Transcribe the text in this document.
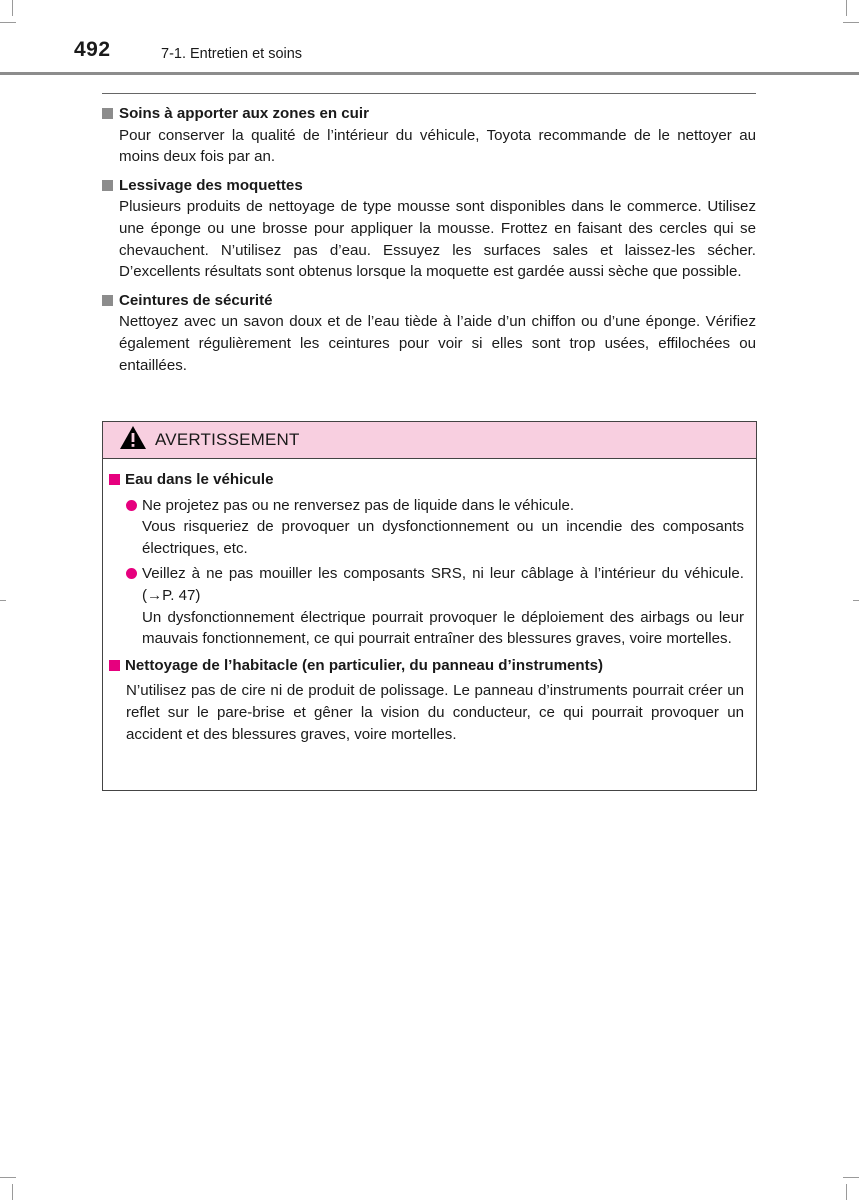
492	7-1. Entretien et soins
Soins à apporter aux zones en cuir
Pour conserver la qualité de l’intérieur du véhicule, Toyota recommande de le nettoyer au moins deux fois par an.
Lessivage des moquettes
Plusieurs produits de nettoyage de type mousse sont disponibles dans le commerce. Utilisez une éponge ou une brosse pour appliquer la mousse. Frottez en faisant des cercles qui se chevauchent. N’utilisez pas d’eau. Essuyez les surfaces sales et laissez-les sécher. D’excellents résultats sont obtenus lorsque la moquette est gardée aussi sèche que possible.
Ceintures de sécurité
Nettoyez avec un savon doux et de l’eau tiède à l’aide d’un chiffon ou d’une éponge. Vérifiez également régulièrement les ceintures pour voir si elles sont trop usées, effilochées ou entaillées.
AVERTISSEMENT
Eau dans le véhicule
Ne projetez pas ou ne renversez pas de liquide dans le véhicule.
Vous risqueriez de provoquer un dysfonctionnement ou un incendie des composants électriques, etc.
Veillez à ne pas mouiller les composants SRS, ni leur câblage à l’intérieur du véhicule. (→P. 47)
Un dysfonctionnement électrique pourrait provoquer le déploiement des airbags ou leur mauvais fonctionnement, ce qui pourrait entraîner des blessures graves, voire mortelles.
Nettoyage de l’habitacle (en particulier, du panneau d’instruments)
N’utilisez pas de cire ni de produit de polissage. Le panneau d’instruments pourrait créer un reflet sur le pare-brise et gêner la vision du conducteur, ce qui pourrait provoquer un accident et des blessures graves, voire mortelles.
